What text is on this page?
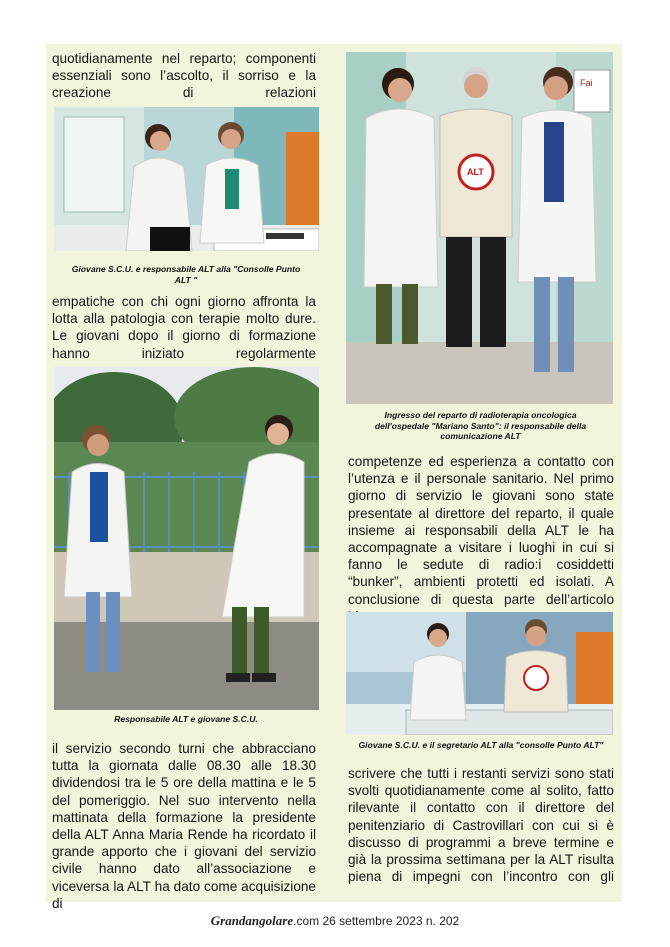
quotidianamente nel reparto; componenti essenziali sono l’ascolto, il sorriso e la creazione di relazioni

Giovane S.C.U. e responsabile ALT alla "Consolle Punto ALT "

empatiche con chi ogni giorno affronta la lotta alla patologia con terapie molto dure. Le giovani dopo il giorno di formazione hanno iniziato regolarmente

Responsabile ALT e giovane S.C.U.

il servizio secondo turni che abbracciano tutta la giornata dalle 08.30 alle 18.30 dividendosi tra le 5 ore della mattina e le 5 del pomeriggio. Nel suo intervento nella mattinata della formazione la presidente della ALT Anna Maria Rende ha ricordato il grande apporto che i giovani del servizio civile hanno dato all’associazione e viceversa la ALT ha dato come acquisizione di

Fai
ALT

Ingresso del reparto di radioterapia oncologica dell'ospedale "Mariano Santo": il responsabile della comunicazione ALT

competenze ed esperienza a contatto con l’utenza e il personale sanitario. Nel primo giorno di servizio le giovani sono state presentate al direttore del reparto, il quale insieme ai responsabili della ALT le ha accompagnate a visitare i luoghi in cui si fanno le sedute di radio:i cosiddetti “bunker”, ambienti protetti ed isolati. A conclusione di questa parte dell’articolo

Giovane S.C.U. e il segretario ALT alla "consolle Punto ALT"

scrivere che tutti i restanti servizi sono stati svolti quotidianamente come al solito, fatto rilevante il contatto con il direttore del penitenziario di Castrovillari con cui si è discusso di programmi a breve termine e già la prossima settimana per la ALT risulta piena di impegni con l’incontro con gli

Grandangolare.com 26 settembre 2023 n. 202
